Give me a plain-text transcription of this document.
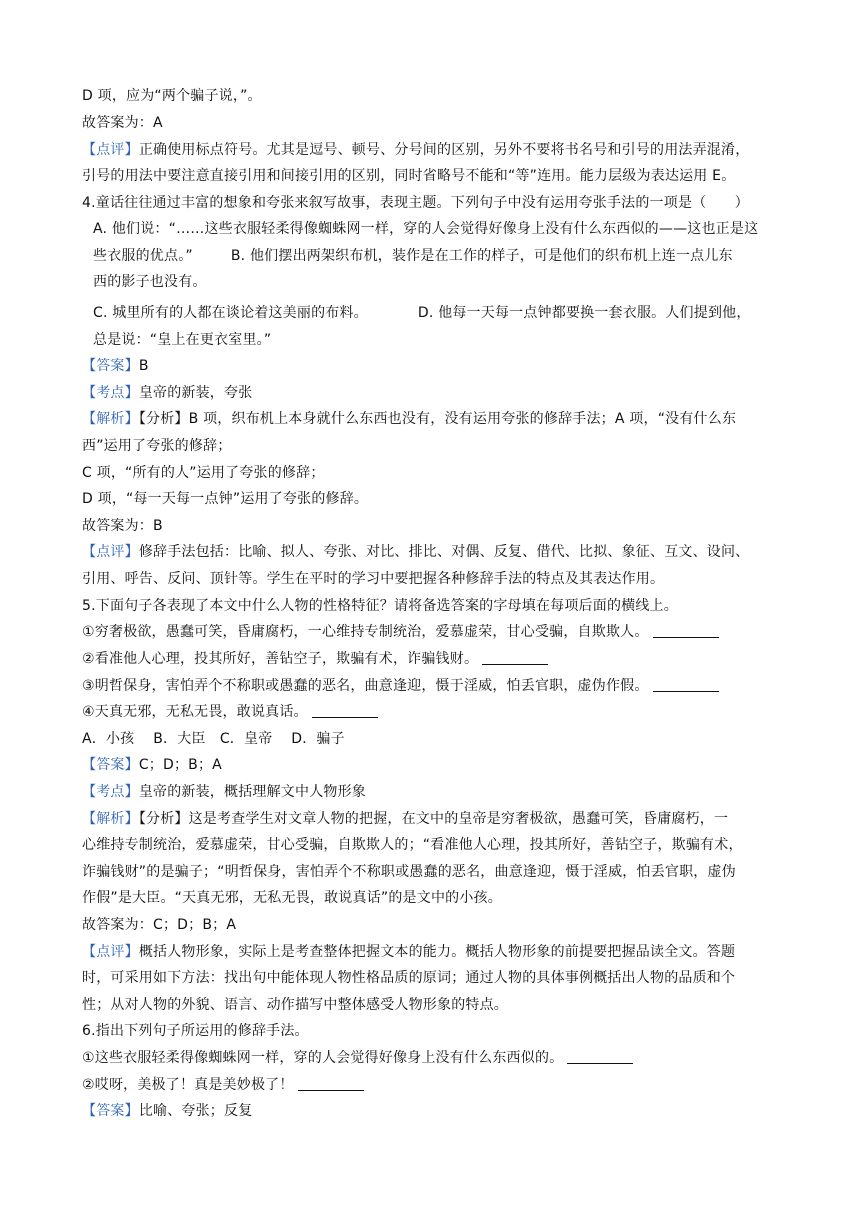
D 项，应为“两个骗子说，”。
故答案为：A
【点评】正确使用标点符号。尤其是逗号、顿号、分号间的区别，另外不要将书名号和引号的用法弄混淆，
引号的用法中要注意直接引用和间接引用的区别，同时省略号不能和“等”连用。能力层级为表达运用 E。
4.童话往往通过丰富的想象和夸张来叙写故事，表现主题。下列句子中没有运用夸张手法的一项是（　　）
A. 他们说：“……这些衣服轻柔得像蜘蛛网一样，穿的人会觉得好像身上没有什么东西似的——这也正是这
些衣服的优点。”	B. 他们摆出两架织布机，装作是在工作的样子，可是他们的织布机上连一点儿东
西的影子也没有。
C. 城里所有的人都在谈论着这美丽的布料。	D. 他每一天每一点钟都要换一套衣服。人们提到他，
总是说：“皇上在更衣室里。”
【答案】B
【考点】皇帝的新装，夸张
【解析】【分析】B 项，织布机上本身就什么东西也没有，没有运用夸张的修辞手法；A 项，“没有什么东
西”运用了夸张的修辞；
C 项，“所有的人”运用了夸张的修辞；
D 项，“每一天每一点钟”运用了夸张的修辞。
故答案为：B
【点评】修辞手法包括：比喻、拟人、夸张、对比、排比、对偶、反复、借代、比拟、象征、互文、设问、
引用、呼告、反问、顶针等。学生在平时的学习中要把握各种修辞手法的特点及其表达作用。
5.下面句子各表现了本文中什么人物的性格特征？请将备选答案的字母填在每项后面的横线上。
①穷奢极欲，愚蠢可笑，昏庸腐朽，一心维持专制统治，爱慕虚荣，甘心受骗，自欺欺人。
②看准他人心理，投其所好，善钻空子，欺骗有术，诈骗钱财。
③明哲保身，害怕弄个不称职或愚蠢的恶名，曲意逢迎，慑于淫威，怕丢官职，虚伪作假。
④天真无邪，无私无畏，敢说真话。
A．小孩　 B．大臣　C．皇帝　 D．骗子
【答案】C；D；B；A
【考点】皇帝的新装，概括理解文中人物形象
【解析】【分析】这是考查学生对文章人物的把握，在文中的皇帝是穷奢极欲，愚蠢可笑，昏庸腐朽，一
心维持专制统治，爱慕虚荣，甘心受骗，自欺欺人的；“看准他人心理，投其所好，善钻空子，欺骗有术，
诈骗钱财”的是骗子；“明哲保身，害怕弄个不称职或愚蠢的恶名，曲意逢迎，慑于淫威，怕丢官职，虚伪
作假”是大臣。“天真无邪，无私无畏，敢说真话”的是文中的小孩。
故答案为：C；D；B；A
【点评】概括人物形象，实际上是考查整体把握文本的能力。概括人物形象的前提要把握品读全文。答题
时，可采用如下方法：找出句中能体现人物性格品质的原词；通过人物的具体事例概括出人物的品质和个
性；从对人物的外貌、语言、动作描写中整体感受人物形象的特点。
6.指出下列句子所运用的修辞手法。
①这些衣服轻柔得像蜘蛛网一样，穿的人会觉得好像身上没有什么东西似的。
②哎呀，美极了！真是美妙极了！
【答案】比喻、夸张；反复
